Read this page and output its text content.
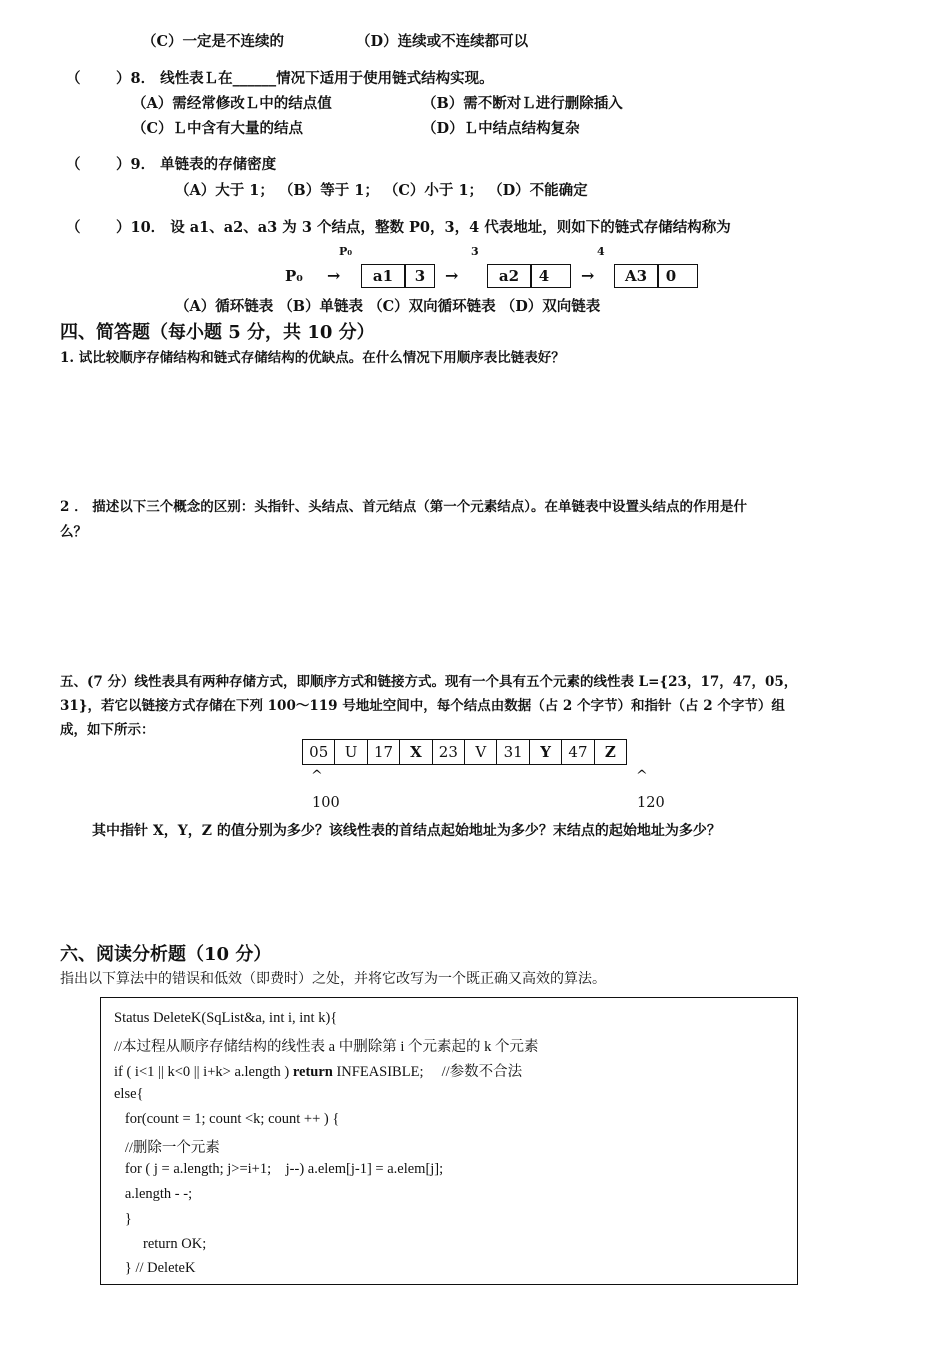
（C）一定是不连续的	（D）连续或不连续都可以
（ ）8． 线性表Ｌ在______情况下适用于使用链式结构实现。
（A）需经常修改Ｌ中的结点值	（B）需不断对Ｌ进行删除插入
（C）Ｌ中含有大量的结点	（D）Ｌ中结点结构复杂
（ ）9． 单链表的存储密度
（A）大于 1； （B）等于 1； （C）小于 1； （D）不能确定
（ ）10． 设 a1、a2、a3 为 3 个结点，整数 P0，3，4 代表地址，则如下的链式存储结构称为
P₀	3	4
P₀ →	a1	3	→	a2	4	→	A3	0
（A）循环链表 （B）单链表 （C）双向循环链表 （D）双向链表
四、简答题（每小题 5 分，共 10 分）
1. 试比较顺序存储结构和链式存储结构的优缺点。在什么情况下用顺序表比链表好？
2 ． 描述以下三个概念的区别：头指针、头结点、首元结点（第一个元素结点）。在单链表中设置头结点的作用是什
么？
五、(7 分）线性表具有两种存储方式，即顺序方式和链接方式。现有一个具有五个元素的线性表 L={23，17，47，05，
31}，若它以链接方式存储在下列 100～119 号地址空间中，每个结点由数据（占 2 个字节）和指针（占 2 个字节）组
成，如下所示：
05	U	17	X	23	V	31	Y	47	Z
^	^
100	120
其中指针 X，Y，Z 的值分别为多少？该线性表的首结点起始地址为多少？末结点的起始地址为多少？
六、阅读分析题（10 分）
指出以下算法中的错误和低效（即费时）之处，并将它改写为一个既正确又高效的算法。
Status DeleteK(SqList&a, int i, int k){
//本过程从顺序存储结构的线性表 a 中删除第 i 个元素起的 k 个元素
if ( i<1 || k<0 || i+k> a.length ) return INFEASIBLE;     //参数不合法
else{
for(count = 1; count <k; count ++ ) {
//删除一个元素
for ( j = a.length; j>=i+1;    j--) a.elem[j-1] = a.elem[j];
a.length - -;
}
return OK;
} // DeleteK
